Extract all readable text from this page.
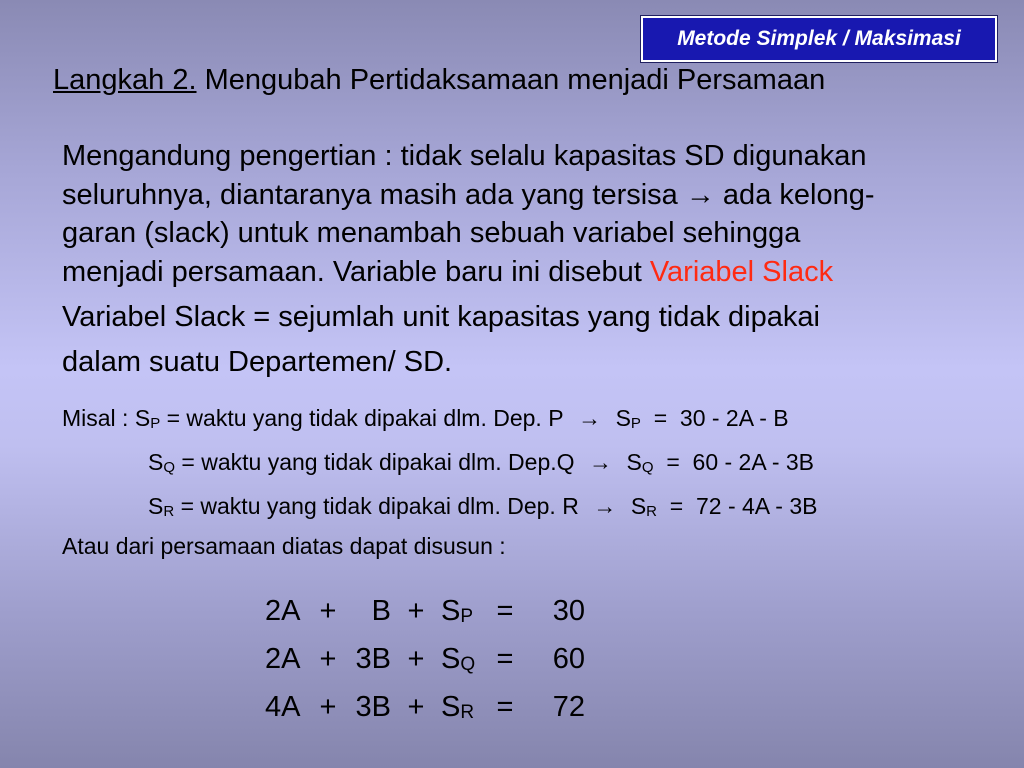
Metode Simplek / Maksimasi
Langkah 2. Mengubah Pertidaksamaan menjadi Persamaan

Mengandung pengertian : tidak selalu kapasitas SD digunakan

seluruhnya, diantaranya masih ada yang tersisa → ada kelong-

garan (slack) untuk menambah sebuah variabel sehingga

menjadi persamaan. Variable baru ini disebut Variabel Slack

Variabel Slack = sejumlah unit kapasitas yang tidak dipakai

dalam suatu Departemen/ SD.

Misal : SP = waktu yang tidak dipakai dlm. Dep. P → SP  =  30 - 2A - B
SQ = waktu yang tidak dipakai dlm. Dep.Q → SQ  =  60 - 2A - 3B
SR = waktu yang tidak dipakai dlm. Dep. R → SR  =  72 - 4A - 3B
Atau dari persamaan diatas dapat disusun :
2A +	B + SP =	30
2A + 3B + SQ =	60
4A + 3B + SR =	72
